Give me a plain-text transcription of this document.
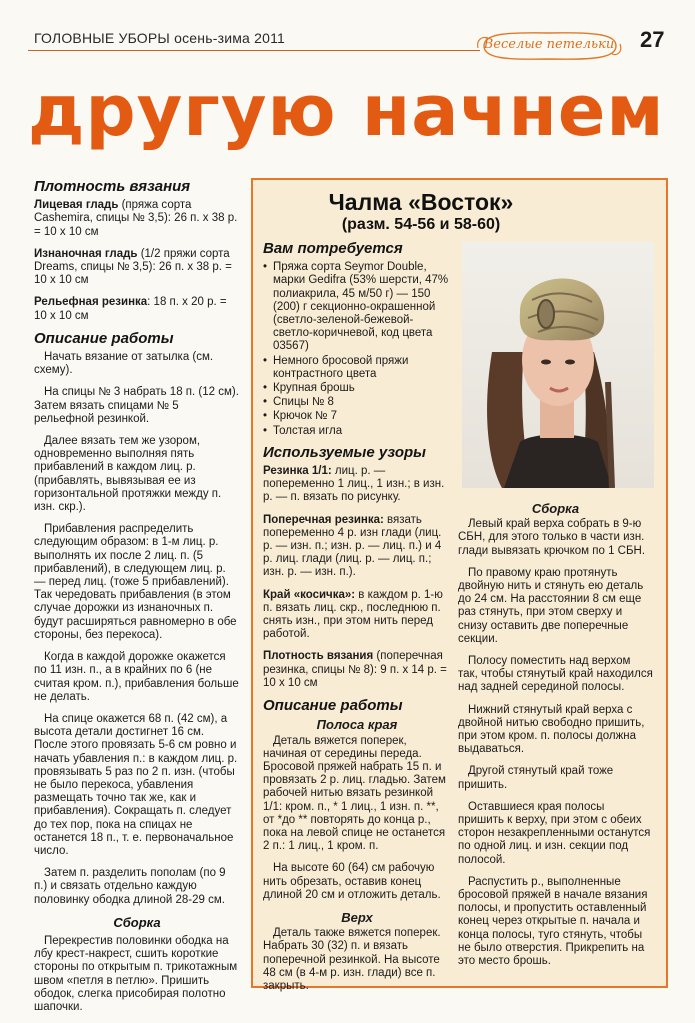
ГОЛОВНЫЕ УБОРЫ осень-зима 2011	Веселые петельки	27
другую начнем
Плотность вязания
Лицевая гладь (пряжа сорта Cashemira, спицы № 3,5): 26 п. х 38 р. = 10 х 10 см
Изнаночная гладь (1/2 пряжи сорта Dreams, спицы № 3,5): 26 п. х 38 р. = 10 х 10 см
Рельефная резинка: 18 п. х 20 р. = 10 х 10 см
Описание работы
Начать вязание от затылка (см. схему).
На спицы № 3 набрать 18 п. (12 см). Затем вязать спицами № 5 рельефной резинкой.
Далее вязать тем же узором, одновременно выполняя пять прибавлений в каждом лиц. р. (прибавлять, вывязывая ее из горизонтальной протяжки между п. изн. скр.).
Прибавления распределить следующим образом: в 1-м лиц. р. выполнять их после 2 лиц. п. (5 прибавлений), в следующем лиц. р. — перед лиц. (тоже 5 прибавлений). Так чередовать прибавления (в этом случае дорожки из изнаночных п. будут расширяться равномерно в обе стороны, без перекоса).
Когда в каждой дорожке окажется по 11 изн. п., а в крайних по 6 (не считая кром. п.), прибавления больше не делать.
На спице окажется 68 п. (42 см), а высота детали достигнет 16 см. После этого провязать 5-6 см ровно и начать убавления п.: в каждом лиц. р. провязывать 5 раз по 2 п. изн. (чтобы не было перекоса, убавления размещать точно так же, как и прибавления). Сокращать п. следует до тех пор, пока на спицах не останется 18 п., т. е. первоначальное число.
Затем п. разделить пополам (по 9 п.) и связать отдельно каждую половинку ободка длиной 28-29 см.
Сборка
Перекрестив половинки ободка на лбу крест-накрест, сшить короткие стороны по открытым п. трикотажным швом «петля в петлю». Пришить ободок, слегка присобирая полотно шапочки.
Чалма «Восток»
(разм. 54-56 и 58-60)
Вам потребуется
• Пряжа сорта Seymor Double, марки Gedifra (53% шерсти, 47% полиакрила, 45 м/50 г) — 150 (200) г секционно-окрашенной (светло-зеленой-бежевой-светло-коричневой, код цвета 03567)
• Немного бросовой пряжи контрастного цвета
• Крупная брошь
• Спицы № 8
• Крючок № 7
• Толстая игла
Используемые узоры
Резинка 1/1: лиц. р. — попеременно 1 лиц., 1 изн.; в изн. р. — п. вязать по рисунку.
Поперечная резинка: вязать попеременно 4 р. изн глади (лиц. р. — изн. п.; изн. р. — лиц. п.) и 4 р. лиц. глади (лиц. р. — лиц. п.; изн. р. — изн. п.).
Край «косичка»: в каждом р. 1-ю п. вязать лиц. скр., последнюю п. снять изн., при этом нить перед работой.
Плотность вязания (поперечная резинка, спицы № 8): 9 п. х 14 р. = 10 х 10 см
Описание работы
Полоса края
Деталь вяжется поперек, начиная от середины переда. Бросовой пряжей набрать 15 п. и провязать 2 р. лиц. гладью. Затем рабочей нитью вязать резинкой 1/1: кром. п., * 1 лиц., 1 изн. п. **, от *до ** повторять до конца р., пока на левой спице не останется 2 п.: 1 лиц., 1 кром. п.
На высоте 60 (64) см рабочую нить обрезать, оставив конец длиной 20 см и отложить деталь.
Верх
Деталь также вяжется поперек. Набрать 30 (32) п. и вязать поперечной резинкой. На высоте 48 см (в 4-м р. изн. глади) все п. закрыть.
Сборка
Левый край верха собрать в 9-ю СБН, для этого только в части изн. глади вывязать крючком по 1 СБН.
По правому краю протянуть двойную нить и стянуть ею деталь до 24 см. На расстоянии 8 см еще раз стянуть, при этом сверху и снизу оставить две поперечные секции.
Полосу поместить над верхом так, чтобы стянутый край находился над задней серединой полосы.
Нижний стянутый край верха с двойной нитью свободно пришить, при этом кром. п. полосы должна выдаваться.
Другой стянутый край тоже пришить.
Оставшиеся края полосы пришить к верху, при этом с обеих сторон незакрепленными останутся по одной лиц. и изн. секции под полосой.
Распустить р., выполненные бросовой пряжей в начале вязания полосы, и пропустить оставленный конец через открытые п. начала и конца полосы, туго стянуть, чтобы не было отверстия. Прикрепить на это место брошь.
